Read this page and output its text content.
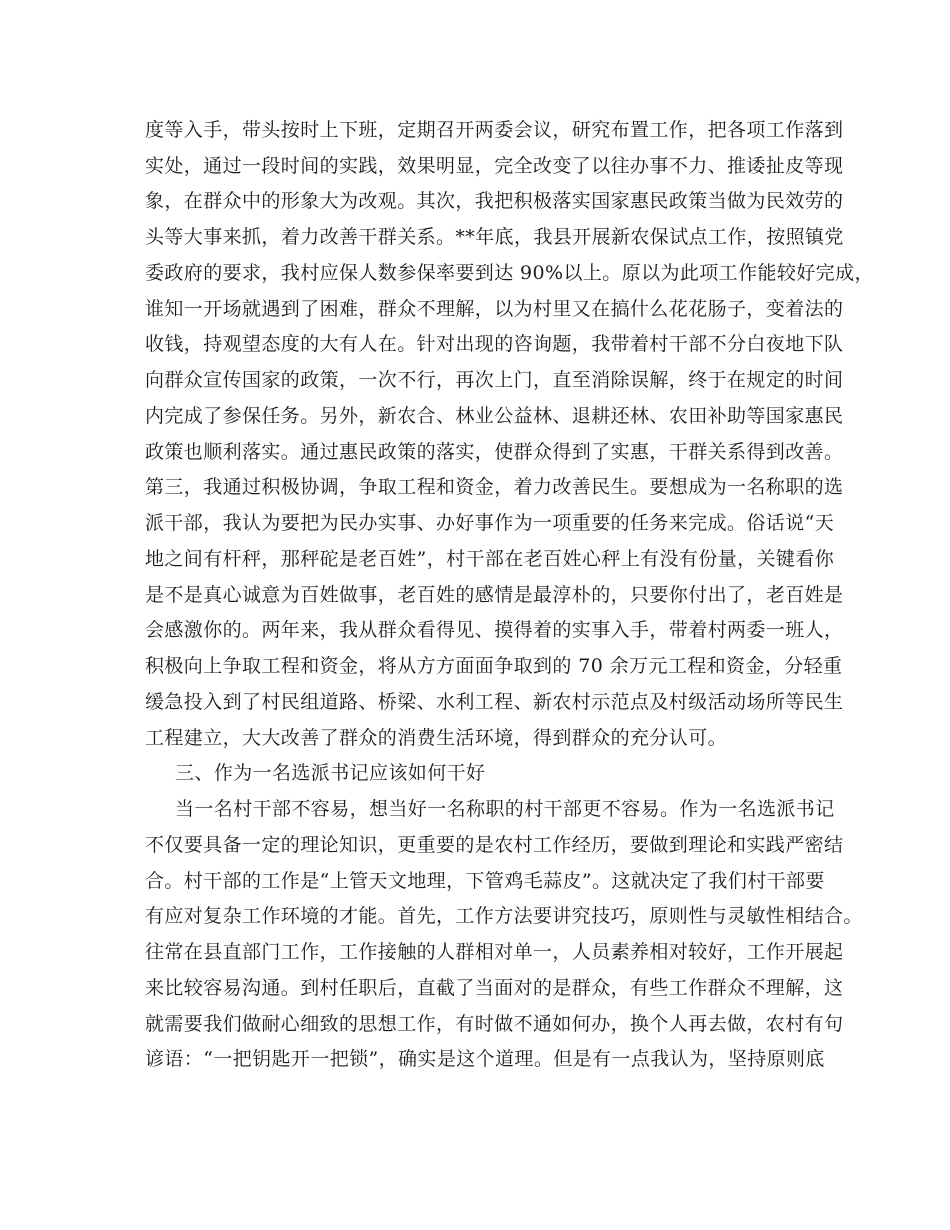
度等入手，带头按时上下班，定期召开两委会议，研究布置工作，把各项工作落到
实处，通过一段时间的实践，效果明显，完全改变了以往办事不力、推诿扯皮等现
象，在群众中的形象大为改观。其次，我把积极落实国家惠民政策当做为民效劳的
头等大事来抓，着力改善干群关系。**年底，我县开展新农保试点工作，按照镇党
委政府的要求，我村应保人数参保率要到达 90%以上。原以为此项工作能较好完成，
谁知一开场就遇到了困难，群众不理解，以为村里又在搞什么花花肠子，变着法的
收钱，持观望态度的大有人在。针对出现的咨询题，我带着村干部不分白夜地下队
向群众宣传国家的政策，一次不行，再次上门，直至消除误解，终于在规定的时间
内完成了参保任务。另外，新农合、林业公益林、退耕还林、农田补助等国家惠民
政策也顺利落实。通过惠民政策的落实，使群众得到了实惠，干群关系得到改善。
第三，我通过积极协调，争取工程和资金，着力改善民生。要想成为一名称职的选
派干部，我认为要把为民办实事、办好事作为一项重要的任务来完成。俗话说“天
地之间有杆秤，那秤砣是老百姓”，村干部在老百姓心秤上有没有份量，关键看你
是不是真心诚意为百姓做事，老百姓的感情是最淳朴的，只要你付出了，老百姓是
会感激你的。两年来，我从群众看得见、摸得着的实事入手，带着村两委一班人，
积极向上争取工程和资金，将从方方面面争取到的 70 余万元工程和资金，分轻重
缓急投入到了村民组道路、桥梁、水利工程、新农村示范点及村级活动场所等民生
工程建立，大大改善了群众的消费生活环境，得到群众的充分认可。
三、作为一名选派书记应该如何干好
当一名村干部不容易，想当好一名称职的村干部更不容易。作为一名选派书记
不仅要具备一定的理论知识，更重要的是农村工作经历，要做到理论和实践严密结
合。村干部的工作是“上管天文地理，下管鸡毛蒜皮”。这就决定了我们村干部要
有应对复杂工作环境的才能。首先，工作方法要讲究技巧，原则性与灵敏性相结合。
往常在县直部门工作，工作接触的人群相对单一，人员素养相对较好，工作开展起
来比较容易沟通。到村任职后，直截了当面对的是群众，有些工作群众不理解，这
就需要我们做耐心细致的思想工作，有时做不通如何办，换个人再去做，农村有句
谚语：“一把钥匙开一把锁”，确实是这个道理。但是有一点我认为，坚持原则底
